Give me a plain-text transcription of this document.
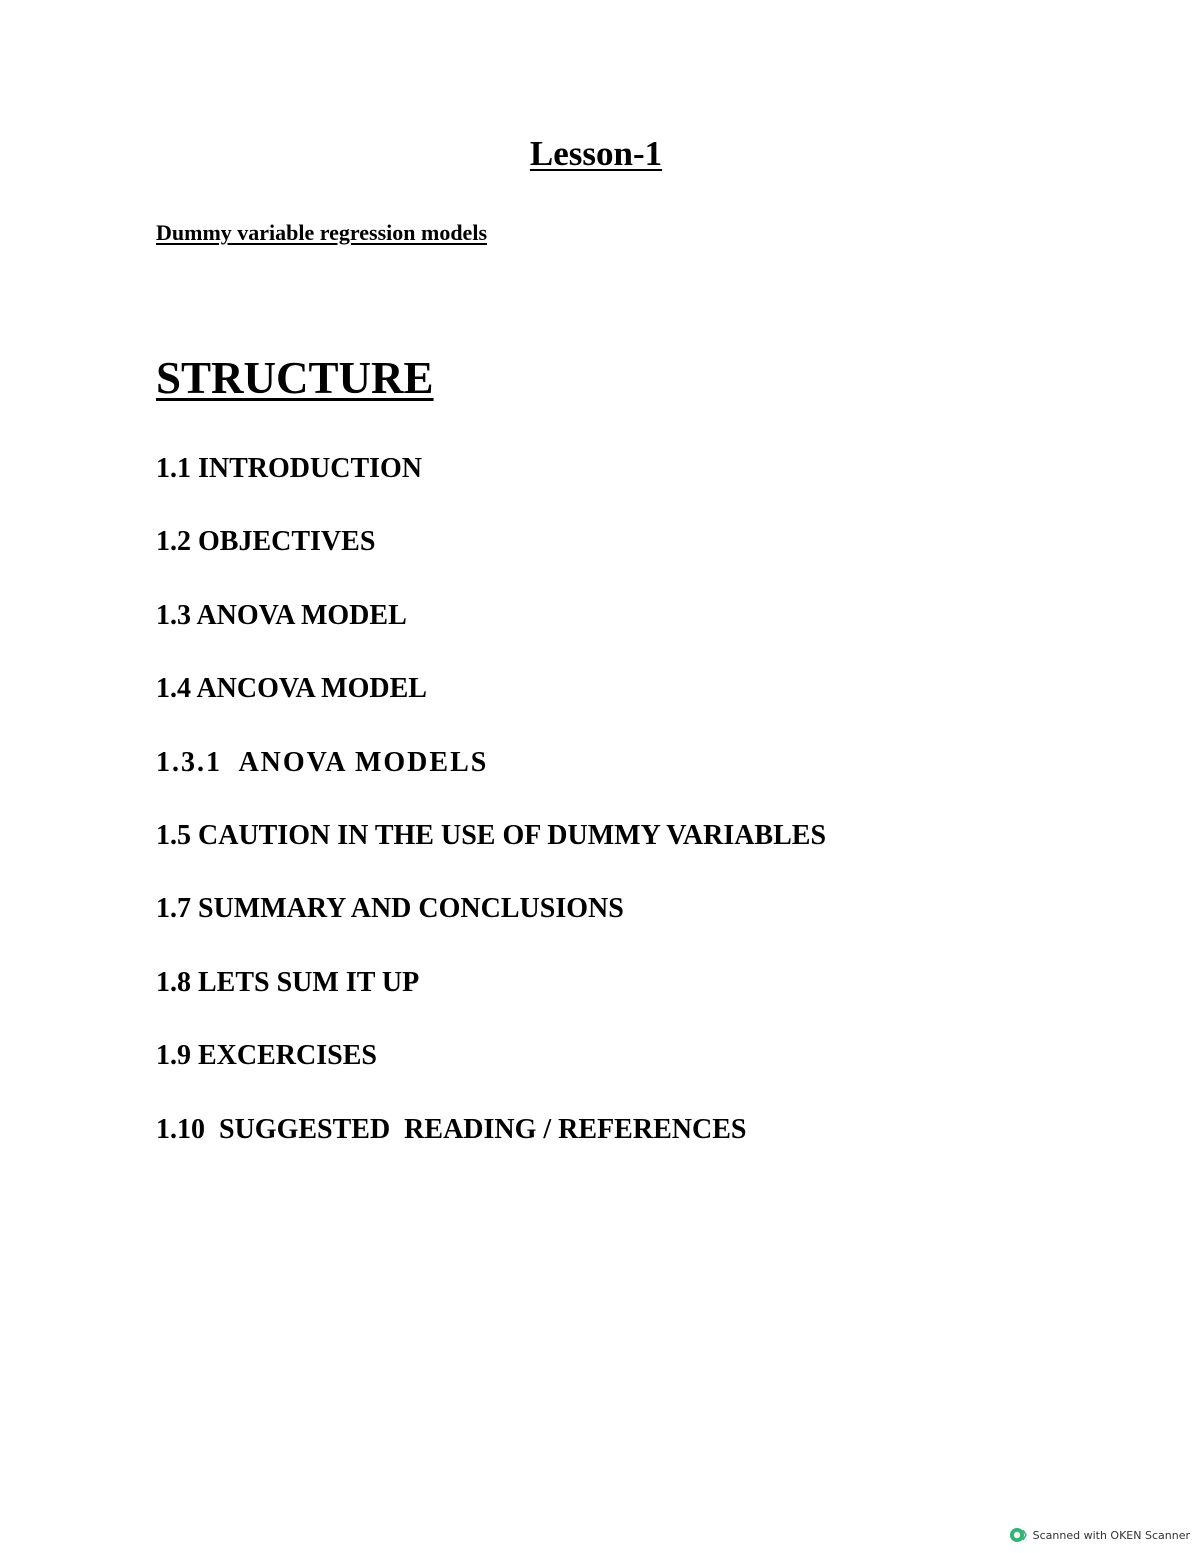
Lesson-1

Dummy variable regression models

STRUCTURE
1.1 INTRODUCTION
1.2 OBJECTIVES
1.3 ANOVA MODEL
1.4 ANCOVA MODEL
1.3.1  ANOVA MODELS
1.5 CAUTION IN THE USE OF DUMMY VARIABLES
1.7 SUMMARY AND CONCLUSIONS
1.8 LETS SUM IT UP
1.9 EXCERCISES
1.10  SUGGESTED  READING / REFERENCES
Scanned with OKEN Scanner
